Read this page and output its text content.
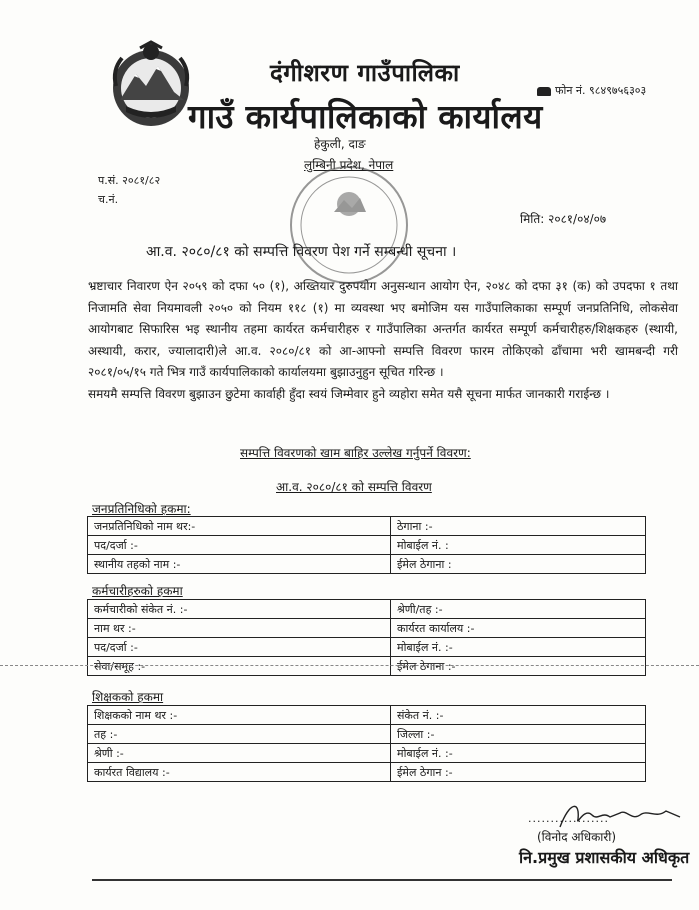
दंगीशरण गाउँपालिका
गाउँ कार्यपालिकाको कार्यालय
फोन नं. ९८४९७५६३०३
हेकुली, दाङ
लुम्बिनी प्रदेश, नेपाल
प.सं. २०८१/८२
च.नं.
मिति: २०८१/०४/०७
आ.व. २०८०/८१ को सम्पत्ति विवरण पेश गर्ने सम्बन्धी सूचना ।

भ्रष्टाचार निवारण ऐन २०५९ को दफा ५० (१), अख्तियार दुरुपयोग अनुसन्धान आयोग ऐन, २०४८ को दफा ३१ (क) को उपदफा १ तथा निजामति सेवा नियमावली २०५० को नियम ११८ (१) मा व्यवस्था भए बमोजिम यस गाउँपालिकाका सम्पूर्ण जनप्रतिनिधि, लोकसेवा आयोगबाट सिफारिस भइ स्थानीय तहमा कार्यरत कर्मचारीहरु र गाउँपालिका अन्तर्गत कार्यरत सम्पूर्ण कर्मचारीहरु/शिक्षकहरु (स्थायी, अस्थायी, करार, ज्यालादारी)ले आ.व. २०८०/८१ को आ-आफ्नो सम्पत्ति विवरण फारम तोकिएको ढाँचामा भरी खामबन्दी गरी २०८१/०५/१५ गते भित्र गाउँ कार्यपालिकाको कार्यालयमा बुझाउनुहुन सूचित गरिन्छ ।

समयमै सम्पत्ति विवरण बुझाउन छुटेमा कार्वाही हुँदा स्वयं जिम्मेवार हुने व्यहोरा समेत यसै सूचना मार्फत जानकारी गराईन्छ ।

सम्पत्ति विवरणको खाम बाहिर उल्लेख गर्नुपर्ने विवरण:
आ.व. २०८०/८१ को सम्पत्ति विवरण
जनप्रतिनिधिको हकमा:
जनप्रतिनिधिको नाम थर:-	ठेगाना :-
पद/दर्जा :-	मोबाईल नं. :
स्थानीय तहको नाम :-	ईमेल ठेगाना :
कर्मचारीहरुको हकमा
कर्मचारीको संकेत नं. :-	श्रेणी/तह :-
नाम थर :-	कार्यरत कार्यालय :-
पद/दर्जा :-	मोबाईल नं. :-
सेवा/समूह :-	ईमेल ठेगाना :-
शिक्षकको हकमा
शिक्षकको नाम थर :-	संकेत नं. :-
तह :-	जिल्ला :-
श्रेणी :-	मोबाईल नं. :-
कार्यरत विद्यालय :-	ईमेल ठेगान :-
..................
(विनोद अधिकारी)
नि.प्रमुख प्रशासकीय अधिकृत
